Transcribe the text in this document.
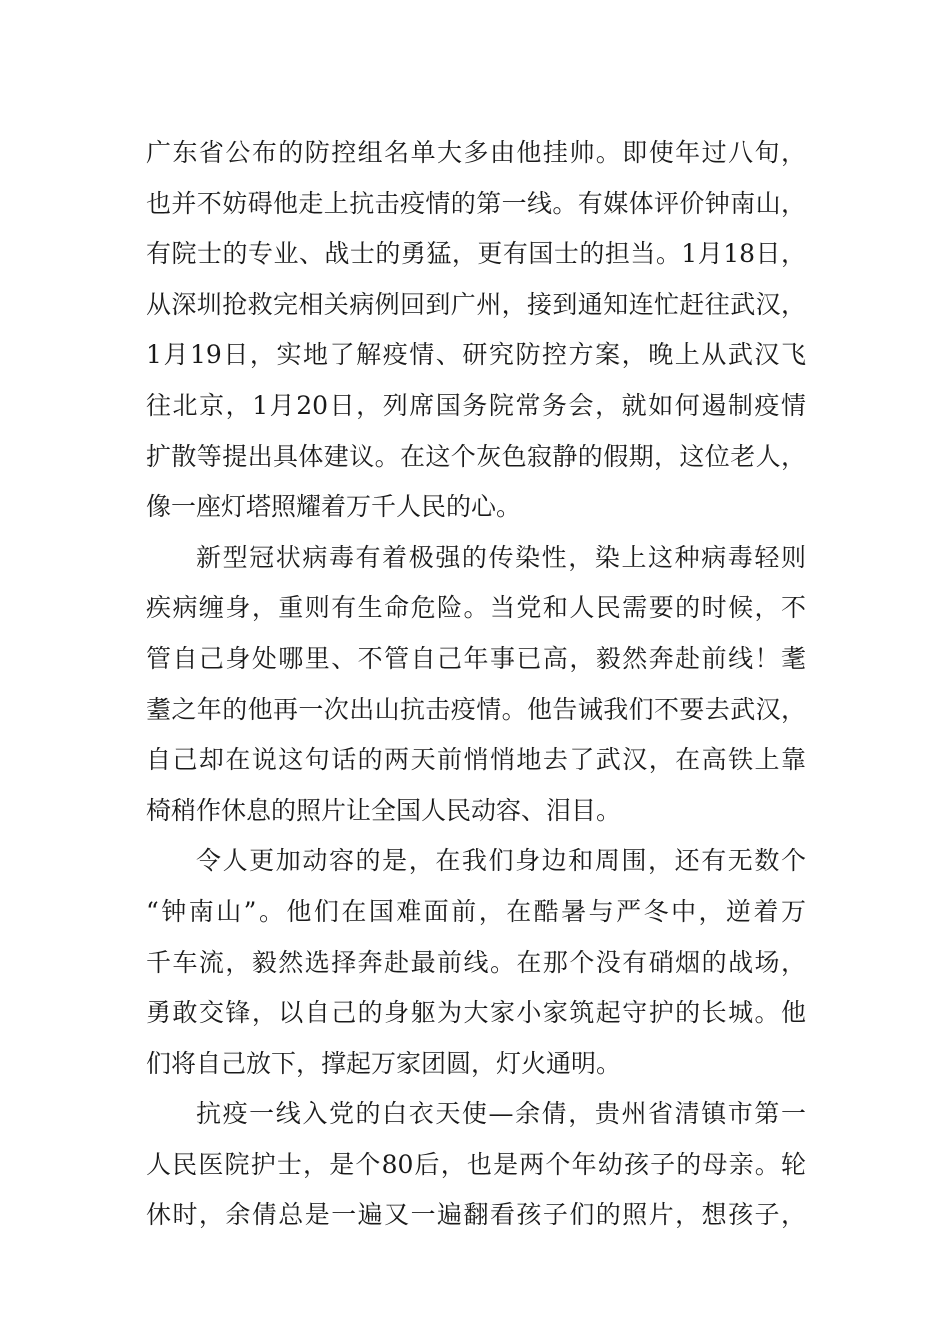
广东省公布的防控组名单大多由他挂帅。即使年过八旬，
也并不妨碍他走上抗击疫情的第一线。有媒体评价钟南山，
有院士的专业、战士的勇猛，更有国士的担当。1月18日，
从深圳抢救完相关病例回到广州，接到通知连忙赶往武汉，
1月19日，实地了解疫情、研究防控方案，晚上从武汉飞
往北京，1月20日，列席国务院常务会，就如何遏制疫情
扩散等提出具体建议。在这个灰色寂静的假期，这位老人，
像一座灯塔照耀着万千人民的心。
新型冠状病毒有着极强的传染性，染上这种病毒轻则
疾病缠身，重则有生命危险。当党和人民需要的时候，不
管自己身处哪里、不管自己年事已高，毅然奔赴前线！耄
耋之年的他再一次出山抗击疫情。他告诫我们不要去武汉，
自己却在说这句话的两天前悄悄地去了武汉，在高铁上靠
椅稍作休息的照片让全国人民动容、泪目。
令人更加动容的是，在我们身边和周围，还有无数个
“钟南山”。他们在国难面前，在酷暑与严冬中，逆着万
千车流，毅然选择奔赴最前线。在那个没有硝烟的战场，
勇敢交锋，以自己的身躯为大家小家筑起守护的长城。他
们将自己放下，撑起万家团圆，灯火通明。
抗疫一线入党的白衣天使—余倩，贵州省清镇市第一
人民医院护士，是个80后，也是两个年幼孩子的母亲。轮
休时，余倩总是一遍又一遍翻看孩子们的照片，想孩子，
